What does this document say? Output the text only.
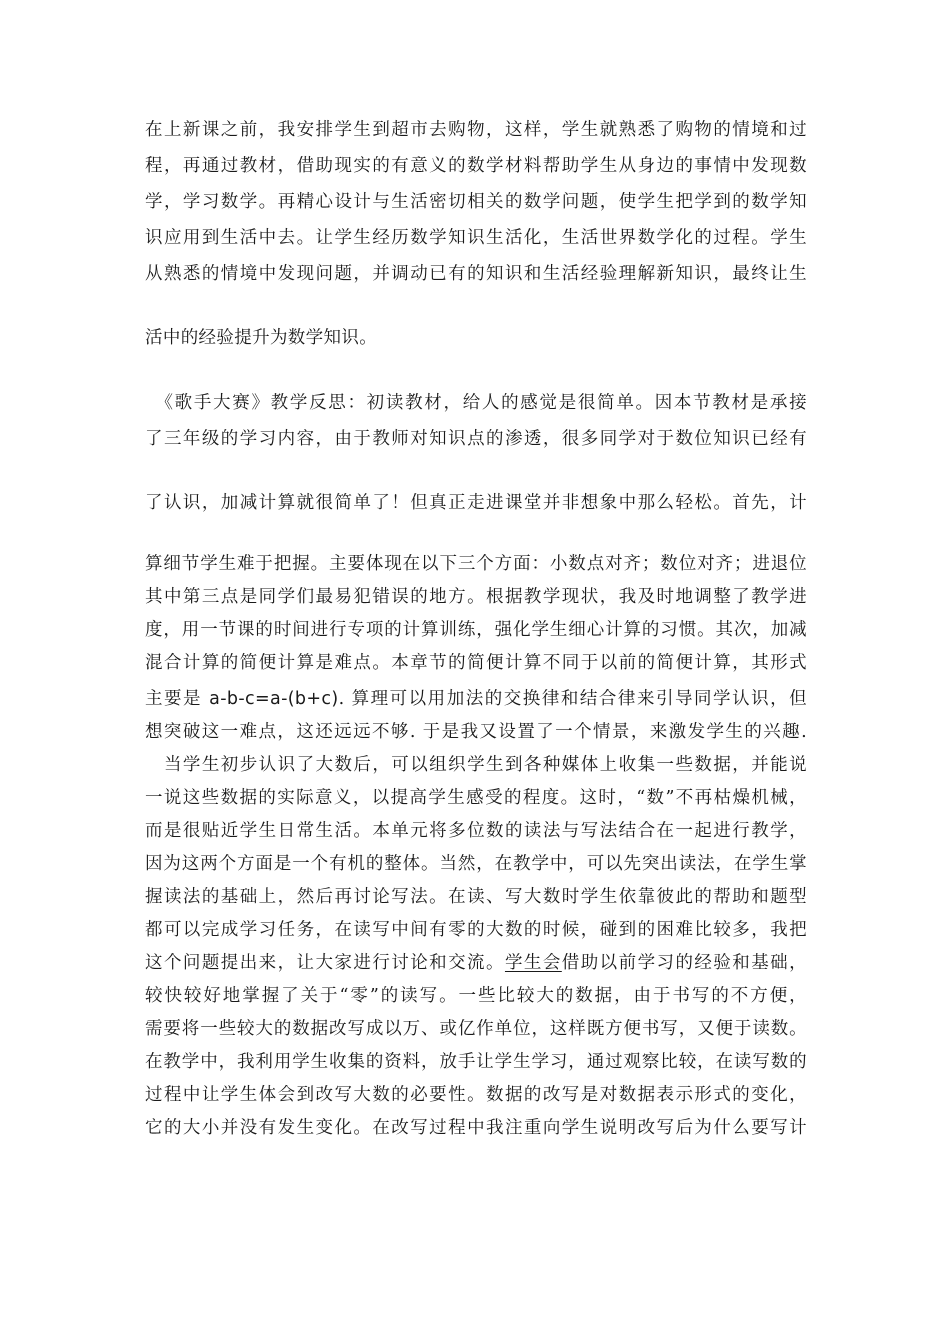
在上新课之前，我安排学生到超市去购物，这样，学生就熟悉了购物的情境和过
程，再通过教材，借助现实的有意义的数学材料帮助学生从身边的事情中发现数
学，学习数学。再精心设计与生活密切相关的数学问题，使学生把学到的数学知
识应用到生活中去。让学生经历数学知识生活化，生活世界数学化的过程。学生
从熟悉的情境中发现问题，并调动已有的知识和生活经验理解新知识，最终让生
活中的经验提升为数学知识。
　《歌手大赛》教学反思：初读教材，给人的感觉是很简单。因本节教材是承接
了三年级的学习内容，由于教师对知识点的渗透，很多同学对于数位知识已经有
了认识，加减计算就很简单了！但真正走进课堂并非想象中那么轻松。首先，计
算细节学生难于把握。主要体现在以下三个方面：小数点对齐；数位对齐；进退位
其中第三点是同学们最易犯错误的地方。根据教学现状，我及时地调整了教学进
度，用一节课的时间进行专项的计算训练，强化学生细心计算的习惯。其次，加减
混合计算的简便计算是难点。本章节的简便计算不同于以前的简便计算，其形式
主要是 a-b-c=a-(b+c). 算理可以用加法的交换律和结合律来引导同学认识，但
想突破这一难点，这还远远不够. 于是我又设置了一个情景，来激发学生的兴趣.
　当学生初步认识了大数后，可以组织学生到各种媒体上收集一些数据，并能说
一说这些数据的实际意义，以提高学生感受的程度。这时，“数”不再枯燥机械，
而是很贴近学生日常生活。本单元将多位数的读法与写法结合在一起进行教学，
因为这两个方面是一个有机的整体。当然，在教学中，可以先突出读法，在学生掌
握读法的基础上，然后再讨论写法。在读、写大数时学生依靠彼此的帮助和题型
都可以完成学习任务，在读写中间有零的大数的时候，碰到的困难比较多，我把
这个问题提出来，让大家进行讨论和交流。学生会借助以前学习的经验和基础，
较快较好地掌握了关于“零”的读写。一些比较大的数据，由于书写的不方便，
需要将一些较大的数据改写成以万、或亿作单位，这样既方便书写，又便于读数。
在教学中，我利用学生收集的资料，放手让学生学习，通过观察比较，在读写数的
过程中让学生体会到改写大数的必要性。数据的改写是对数据表示形式的变化，
它的大小并没有发生变化。在改写过程中我注重向学生说明改写后为什么要写计
